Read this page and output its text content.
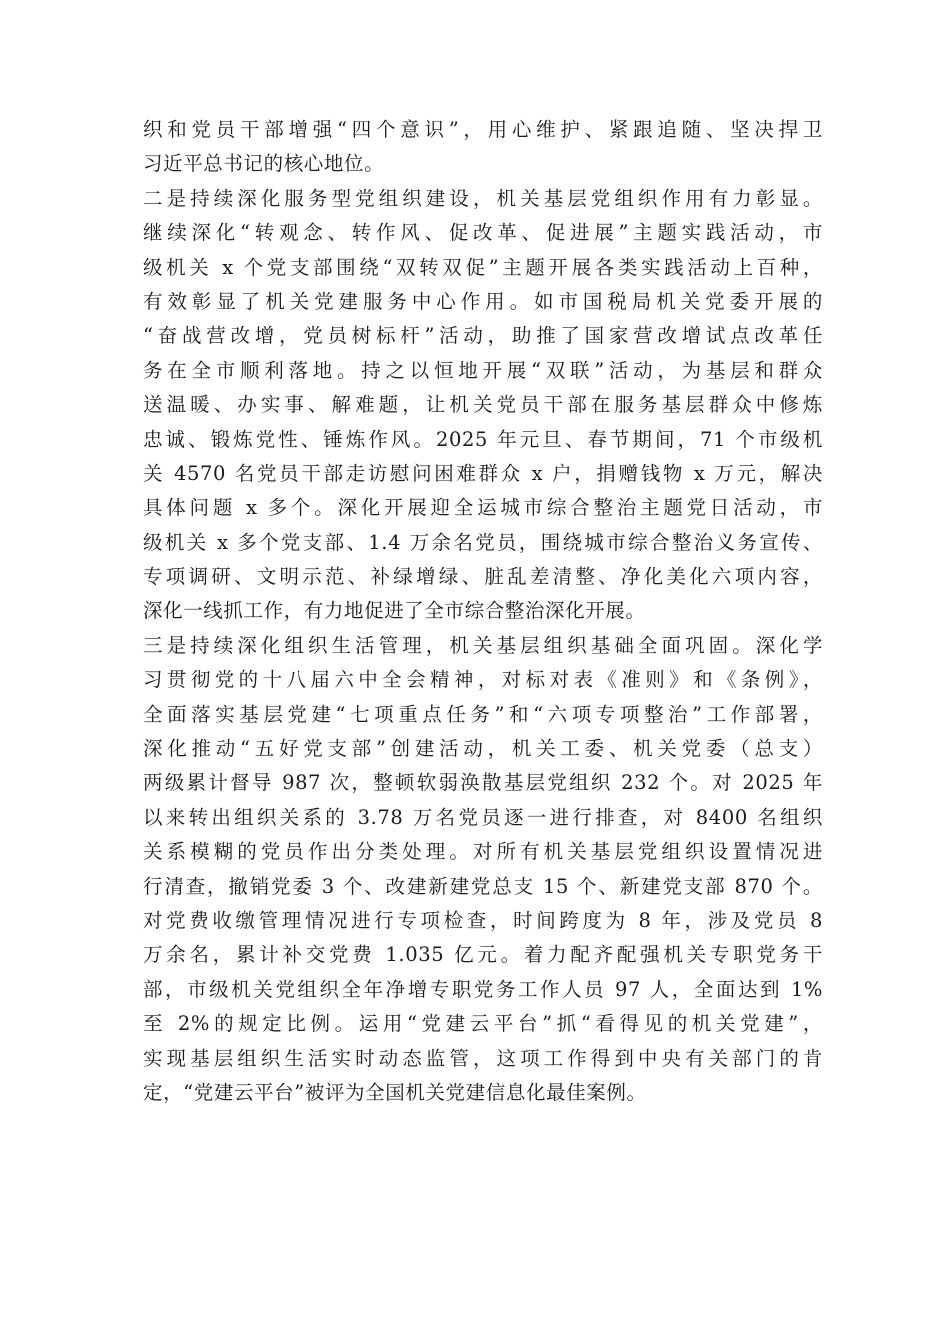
织和党员干部增强“四个意识”，用心维护、紧跟追随、坚决捍卫
习近平总书记的核心地位。
二是持续深化服务型党组织建设，机关基层党组织作用有力彰显。
继续深化“转观念、转作风、促改革、促进展”主题实践活动，市
级机关 x 个党支部围绕“双转双促”主题开展各类实践活动上百种，
有效彰显了机关党建服务中心作用。如市国税局机关党委开展的
“奋战营改增，党员树标杆”活动，助推了国家营改增试点改革任
务在全市顺利落地。持之以恒地开展“双联”活动，为基层和群众
送温暖、办实事、解难题，让机关党员干部在服务基层群众中修炼
忠诚、锻炼党性、锤炼作风。2025 年元旦、春节期间，71 个市级机
关 4570 名党员干部走访慰问困难群众 x 户，捐赠钱物 x 万元，解决
具体问题 x 多个。深化开展迎全运城市综合整治主题党日活动，市
级机关 x 多个党支部、1.4 万余名党员，围绕城市综合整治义务宣传、
专项调研、文明示范、补绿增绿、脏乱差清整、净化美化六项内容，
深化一线抓工作，有力地促进了全市综合整治深化开展。
三是持续深化组织生活管理，机关基层组织基础全面巩固。深化学
习贯彻党的十八届六中全会精神，对标对表《准则》和《条例》，
全面落实基层党建“七项重点任务”和“六项专项整治”工作部署，
深化推动“五好党支部”创建活动，机关工委、机关党委（总支）
两级累计督导 987 次，整顿软弱涣散基层党组织 232 个。对 2025 年
以来转出组织关系的 3.78 万名党员逐一进行排查，对 8400 名组织
关系模糊的党员作出分类处理。对所有机关基层党组织设置情况进
行清查，撤销党委 3 个、改建新建党总支 15 个、新建党支部 870 个。
对党费收缴管理情况进行专项检查，时间跨度为 8 年，涉及党员 8
万余名，累计补交党费 1.035 亿元。着力配齐配强机关专职党务干
部，市级机关党组织全年净增专职党务工作人员 97 人，全面达到 1%
至 2%的规定比例。运用“党建云平台”抓“看得见的机关党建”，
实现基层组织生活实时动态监管，这项工作得到中央有关部门的肯
定，“党建云平台”被评为全国机关党建信息化最佳案例。
